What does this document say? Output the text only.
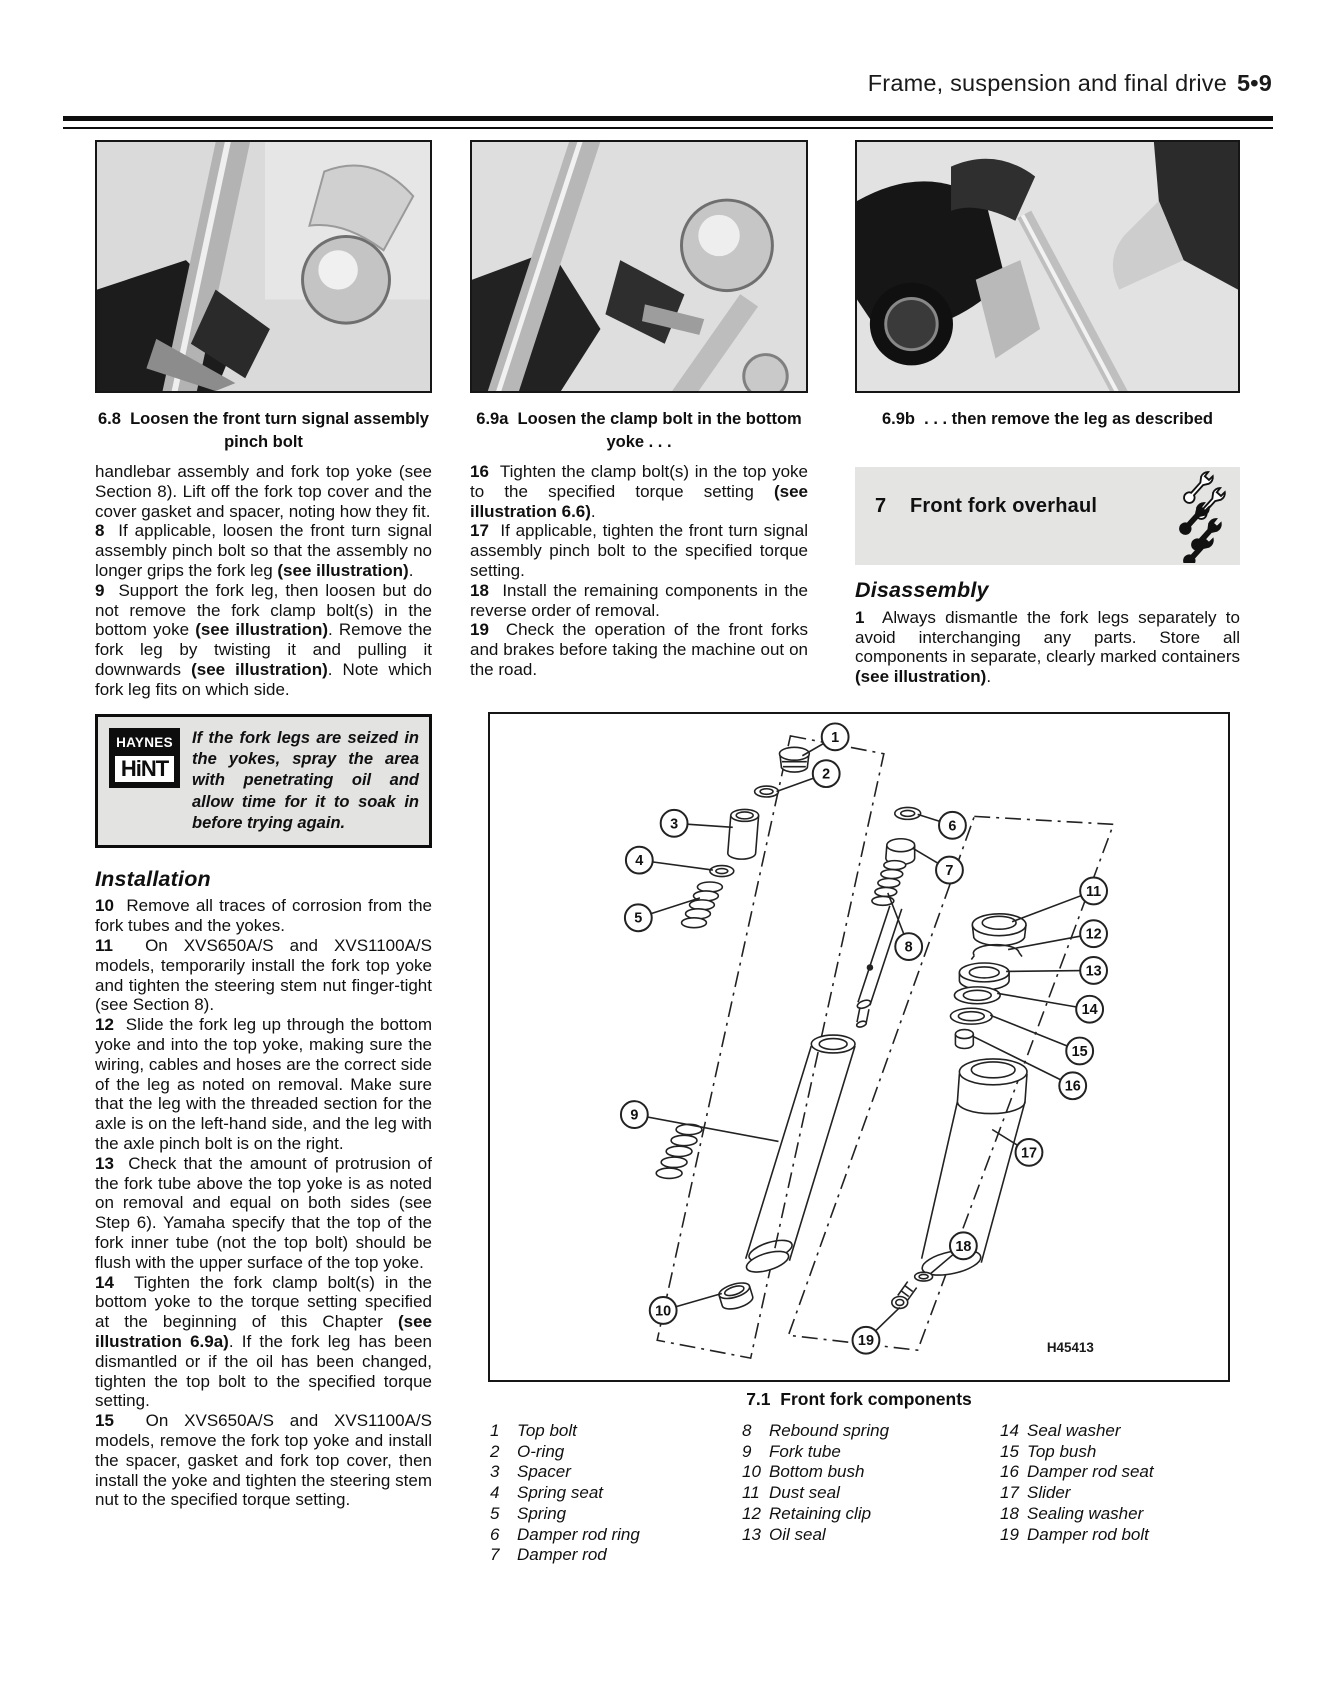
Frame, suspension and final drive 5•9
6.8  Loosen the front turn signal assembly pinch bolt
6.9a  Loosen the clamp bolt in the bottom yoke . . .
6.9b  . . . then remove the leg as described

handlebar assembly and fork top yoke (see Section 8). Lift off the fork top cover and the cover gasket and spacer, noting how they fit.

8  If applicable, loosen the front turn signal assembly pinch bolt so that the assembly no longer grips the fork leg (see illustration).

9  Support the fork leg, then loosen but do not remove the fork clamp bolt(s) in the bottom yoke (see illustration). Remove the fork leg by twisting it and pulling it downwards (see illustration). Note which fork leg fits on which side.

HAYNES
HiNT
If the fork legs are seized in the yokes, spray the area with penetrating oil and allow time for it to soak in before trying again.
Installation

10  Remove all traces of corrosion from the fork tubes and the yokes.

11  On XVS650A/S and XVS1100A/S models, temporarily install the fork top yoke and tighten the steering stem nut finger-tight (see Section 8).

12  Slide the fork leg up through the bottom yoke and into the top yoke, making sure the wiring, cables and hoses are the correct side of the leg as noted on removal. Make sure that the leg with the threaded section for the axle is on the left-hand side, and the leg with the axle pinch bolt is on the right.

13  Check that the amount of protrusion of the fork tube above the top yoke is as noted on removal and equal on both sides (see Step 6). Yamaha specify that the top of the fork inner tube (not the top bolt) should be flush with the upper surface of the top yoke.

14  Tighten the fork clamp bolt(s) in the bottom yoke to the torque setting specified at the beginning of this Chapter (see illustration 6.9a). If the fork leg has been dismantled or if the oil has been changed, tighten the top bolt to the specified torque setting.

15  On XVS650A/S and XVS1100A/S models, remove the fork top yoke and install the spacer, gasket and fork top cover, then install the yoke and tighten the steering stem nut to the specified torque setting.

16  Tighten the clamp bolt(s) in the top yoke to the specified torque setting (see illustration 6.6).

17  If applicable, tighten the front turn signal assembly pinch bolt to the specified torque setting.

18  Install the remaining components in the reverse order of removal.

19  Check the operation of the front forks and brakes before taking the machine out on the road.

7 Front fork overhaul
Disassembly

1  Always dismantle the fork legs separately to avoid interchanging any parts. Store all components in separate, clearly marked containers (see illustration).

1
2
3
4
5
6
7
8
9
10
11
12
13
14
15
16
17
18
19	H45413
7.1  Front fork components
1 Top bolt
2 O-ring
3 Spacer
4 Spring seat
5 Spring
6 Damper rod ring
7 Damper rod
8 Rebound spring
9 Fork tube
10 Bottom bush
11 Dust seal
12 Retaining clip
13 Oil seal
14 Seal washer
15 Top bush
16 Damper rod seat
17 Slider
18 Sealing washer
19 Damper rod bolt
